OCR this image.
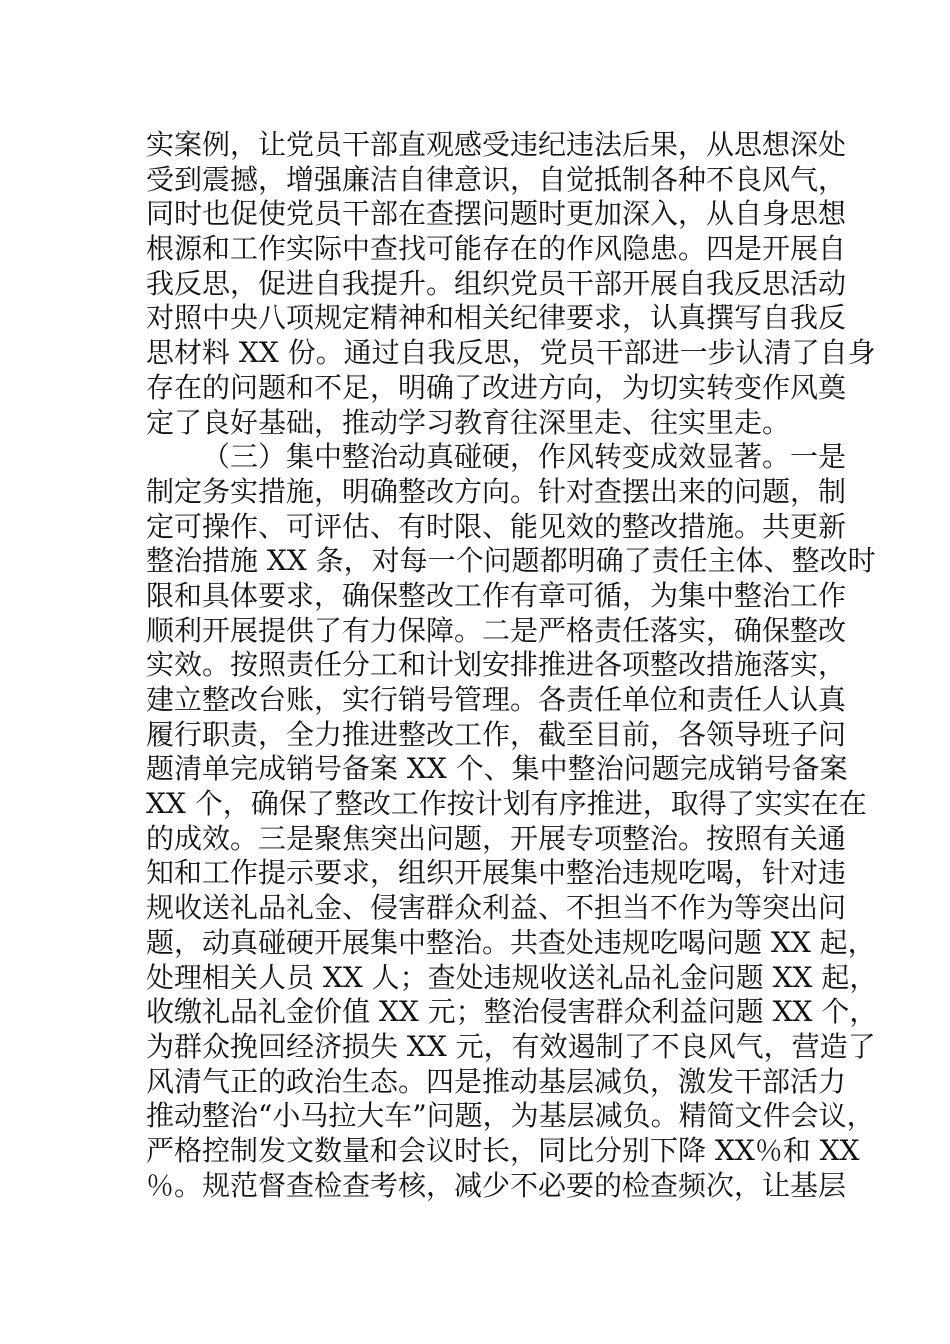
实案例，让党员干部直观感受违纪违法后果，从思想深处
受到震撼，增强廉洁自律意识，自觉抵制各种不良风气，
同时也促使党员干部在查摆问题时更加深入，从自身思想
根源和工作实际中查找可能存在的作风隐患。四是开展自
我反思，促进自我提升。组织党员干部开展自我反思活动
对照中央八项规定精神和相关纪律要求，认真撰写自我反
思材料 XX 份。通过自我反思，党员干部进一步认清了自身
存在的问题和不足，明确了改进方向，为切实转变作风奠
定了良好基础，推动学习教育往深里走、往实里走。
（三）集中整治动真碰硬，作风转变成效显著。一是
制定务实措施，明确整改方向。针对查摆出来的问题，制
定可操作、可评估、有时限、能见效的整改措施。共更新
整治措施 XX 条，对每一个问题都明确了责任主体、整改时
限和具体要求，确保整改工作有章可循，为集中整治工作
顺利开展提供了有力保障。二是严格责任落实，确保整改
实效。按照责任分工和计划安排推进各项整改措施落实，
建立整改台账，实行销号管理。各责任单位和责任人认真
履行职责，全力推进整改工作，截至目前，各领导班子问
题清单完成销号备案 XX 个、集中整治问题完成销号备案
XX 个，确保了整改工作按计划有序推进，取得了实实在在
的成效。三是聚焦突出问题，开展专项整治。按照有关通
知和工作提示要求，组织开展集中整治违规吃喝，针对违
规收送礼品礼金、侵害群众利益、不担当不作为等突出问
题，动真碰硬开展集中整治。共查处违规吃喝问题 XX 起，
处理相关人员 XX 人；查处违规收送礼品礼金问题 XX 起，
收缴礼品礼金价值 XX 元；整治侵害群众利益问题 XX 个，
为群众挽回经济损失 XX 元，有效遏制了不良风气，营造了
风清气正的政治生态。四是推动基层减负，激发干部活力
推动整治“小马拉大车”问题，为基层减负。精简文件会议，
严格控制发文数量和会议时长，同比分别下降 XX％和 XX
％。规范督查检查考核，减少不必要的检查频次，让基层
